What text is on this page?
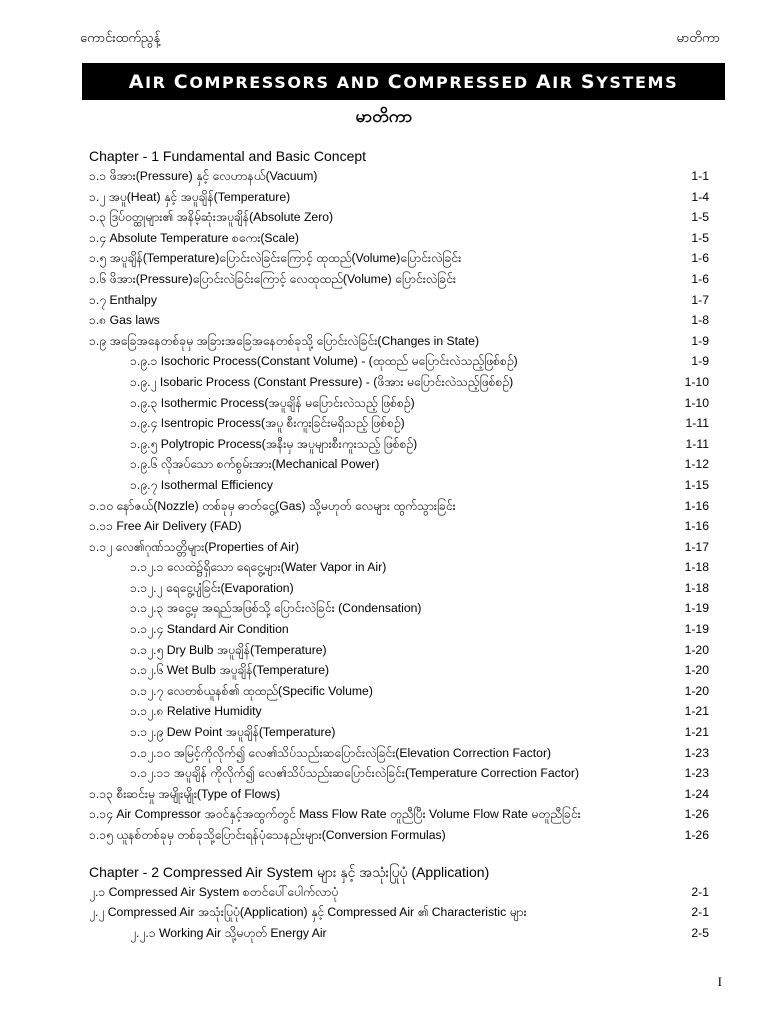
ကောင်းထက်ညွန့်	မာတိကာ
AIR COMPRESSORS AND COMPRESSED AIR SYSTEMS
မာတိကာ
Chapter - 1 Fundamental and Basic Concept
၁.၁ ဖိအား(Pressure) နှင့် လေဟာနယ်(Vacuum)	1-1
၁.၂ အပူ(Heat) နှင့် အပူချိန်(Temperature)	1-4
၁.၃ ဒြပ်ဝတ္ထုများ၏ အနိမ့်ဆုံးအပူချိန်(Absolute Zero)	1-5
၁.၄ Absolute Temperature စကေး(Scale)	1-5
၁.၅ အပူချိန်(Temperature)ပြောင်းလဲခြင်းကြောင့် ထုထည်(Volume)ပြောင်းလဲခြင်း	1-6
၁.၆ ဖိအား(Pressure)ပြောင်းလဲခြင်းကြောင့် လေထုထည်(Volume) ပြောင်းလဲခြင်း	1-6
၁.၇ Enthalpy	1-7
၁.၈ Gas laws	1-8
၁.၉ အခြေအနေတစ်ခုမှ အခြားအခြေအနေတစ်ခုသို့ ပြောင်းလဲခြင်း(Changes in State)	1-9
၁.၉.၁ Isochoric Process(Constant Volume) - (ထုထည် မပြောင်းလဲသည့်ဖြစ်စဉ်)	1-9
၁.၉.၂ Isobaric Process (Constant Pressure) - (ဖိအား မပြောင်းလဲသည့်ဖြစ်စဉ်)	1-10
၁.၉.၃ Isothermic Process(အပူချိန် မပြောင်းလဲသည့် ဖြစ်စဉ်)	1-10
၁.၉.၄ Isentropic Process(အပူ စီးကူးခြင်းမရှိသည့် ဖြစ်စဉ်)	1-11
၁.၉.၅ Polytropic Process(အနီးမှ အပူများစီးကူးသည့် ဖြစ်စဉ်)	1-11
၁.၉.၆ လိုအပ်သော စက်စွမ်းအား(Mechanical Power)	1-12
၁.၉.၇ Isothermal Efficiency	1-15
၁.၁၀ နော်ဇယ်(Nozzle) တစ်ခုမှ ဓာတ်ငွေ့(Gas) သို့မဟုတ် လေများ ထွက်သွားခြင်း	1-16
၁.၁၁ Free Air Delivery (FAD)	1-16
၁.၁၂ လေ၏ဂုဏ်သတ္တိများ(Properties of Air)	1-17
၁.၁၂.၁ လေထဲ၌ရှိသော ရေငွေ့များ(Water Vapor in Air)	1-18
၁.၁၂.၂ ရေငွေ့ပျံခြင်း(Evaporation)	1-18
၁.၁၂.၃ အငွေ့မှ အရည်အဖြစ်သို့ ပြောင်းလဲခြင်း (Condensation)	1-19
၁.၁၂.၄ Standard Air Condition	1-19
၁.၁၂.၅ Dry Bulb အပူချိန်(Temperature)	1-20
၁.၁၂.၆ Wet Bulb အပူချိန်(Temperature)	1-20
၁.၁၂.၇ လေတစ်ယူနစ်၏ ထုထည်(Specific Volume)	1-20
၁.၁၂.၈ Relative Humidity	1-21
၁.၁၂.၉ Dew Point အပူချိန်(Temperature)	1-21
၁.၁၂.၁၀ အမြင့်ကိုလိုက်၍ လေ၏သိပ်သည်းဆပြောင်းလဲခြင်း(Elevation Correction Factor)	1-23
၁.၁၂.၁၁ အပူချိန် ကိုလိုက်၍ လေ၏သိပ်သည်းဆပြောင်းလဲခြင်း(Temperature Correction Factor)	1-23
၁.၁၃ စီးဆင်းမှု အမျိုးမျိုး(Type of Flows)	1-24
၁.၁၄ Air Compressor အဝင်နှင့်အထွက်တွင် Mass Flow Rate တူညီပြီး Volume Flow Rate မတူညီခြင်း	1-26
၁.၁၅ ယူနစ်တစ်ခုမှ တစ်ခုသို့ပြောင်းရန်ပုံသေနည်းများ(Conversion Formulas)	1-26
Chapter - 2 Compressed Air System များ နှင့် အသုံးပြုပုံ (Application)
၂.၁ Compressed Air System စတင်ပေါ်ပေါက်လာပုံ	2-1
၂.၂ Compressed Air အသုံးပြုပုံ(Application) နှင့် Compressed Air ၏ Characteristic များ	2-1
၂.၂.၁ Working Air သို့မဟုတ် Energy Air	2-5
I
